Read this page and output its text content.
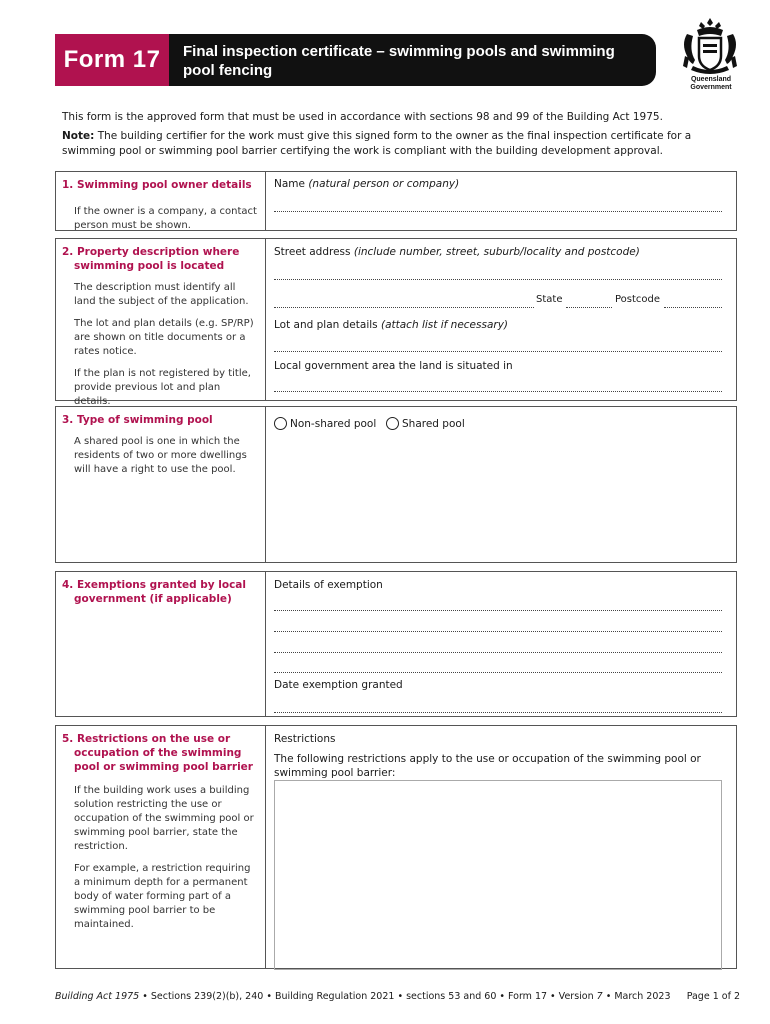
Form 17	Final inspection certificate – swimming pools and swimming pool fencing
Queensland Government
This form is the approved form that must be used in accordance with sections 98 and 99 of the Building Act 1975.
Note: The building certifier for the work must give this signed form to the owner as the final inspection certificate for a swimming pool or swimming pool barrier certifying the work is compliant with the building development approval.
1. Swimming pool owner details
If the owner is a company, a contact person must be shown.
Name (natural person or company)
2. Property description where swimming pool is located
The description must identify all land the subject of the application.
The lot and plan details (e.g. SP/RP) are shown on title documents or a rates notice.
If the plan is not registered by title, provide previous lot and plan details.
Street address (include number, street, suburb/locality and postcode)
State	Postcode
Lot and plan details (attach list if necessary)
Local government area the land is situated in
3. Type of swimming pool
A shared pool is one in which the residents of two or more dwellings will have a right to use the pool.
Non-shared pool Shared pool
4. Exemptions granted by local government (if applicable)
Details of exemption
Date exemption granted
5. Restrictions on the use or occupation of the swimming pool or swimming pool barrier
If the building work uses a building solution restricting the use or occupation of the swimming pool or swimming pool barrier, state the restriction.
For example, a restriction requiring a minimum depth for a permanent body of water forming part of a swimming pool barrier to be maintained.
Restrictions
The following restrictions apply to the use or occupation of the swimming pool or swimming pool barrier:
Building Act 1975 • Sections 239(2)(b), 240 • Building Regulation 2021 • sections 53 and 60 • Form 17 • Version 7 • March 2023 Page 1 of 2
